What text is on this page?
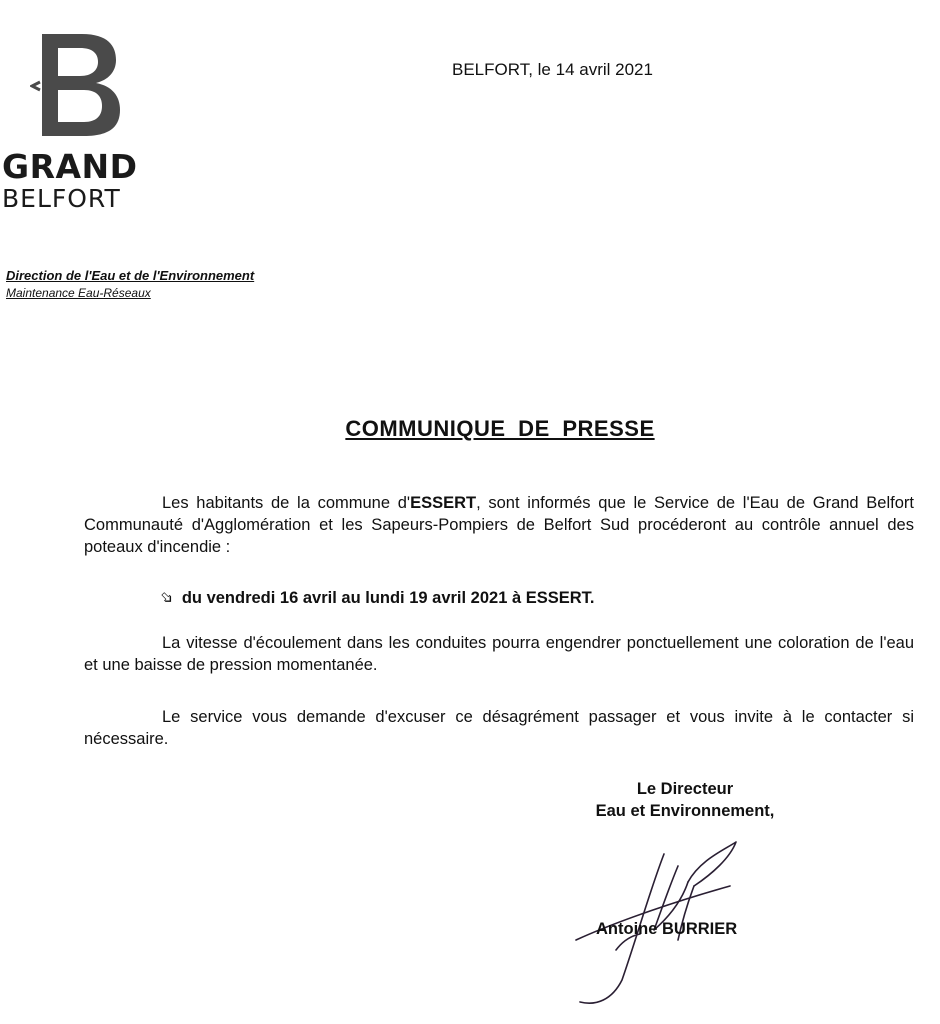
GRAND
BELFORT
BELFORT, le 14 avril 2021
Direction de l'Eau et de l'Environnement
Maintenance Eau-Réseaux
COMMUNIQUE DE PRESSE
Les habitants de la commune d'ESSERT, sont informés que le Service de l'Eau de Grand Belfort Communauté d'Agglomération et les Sapeurs-Pompiers de Belfort Sud procéderont au contrôle annuel des poteaux d'incendie :
➩ du vendredi 16 avril au lundi 19 avril 2021 à ESSERT.
La vitesse d'écoulement dans les conduites pourra engendrer ponctuellement une coloration de l'eau et une baisse de pression momentanée.
Le service vous demande d'excuser ce désagrément passager et vous invite à le contacter si nécessaire.
Le Directeur
Eau et Environnement,
Antoine BURRIER
